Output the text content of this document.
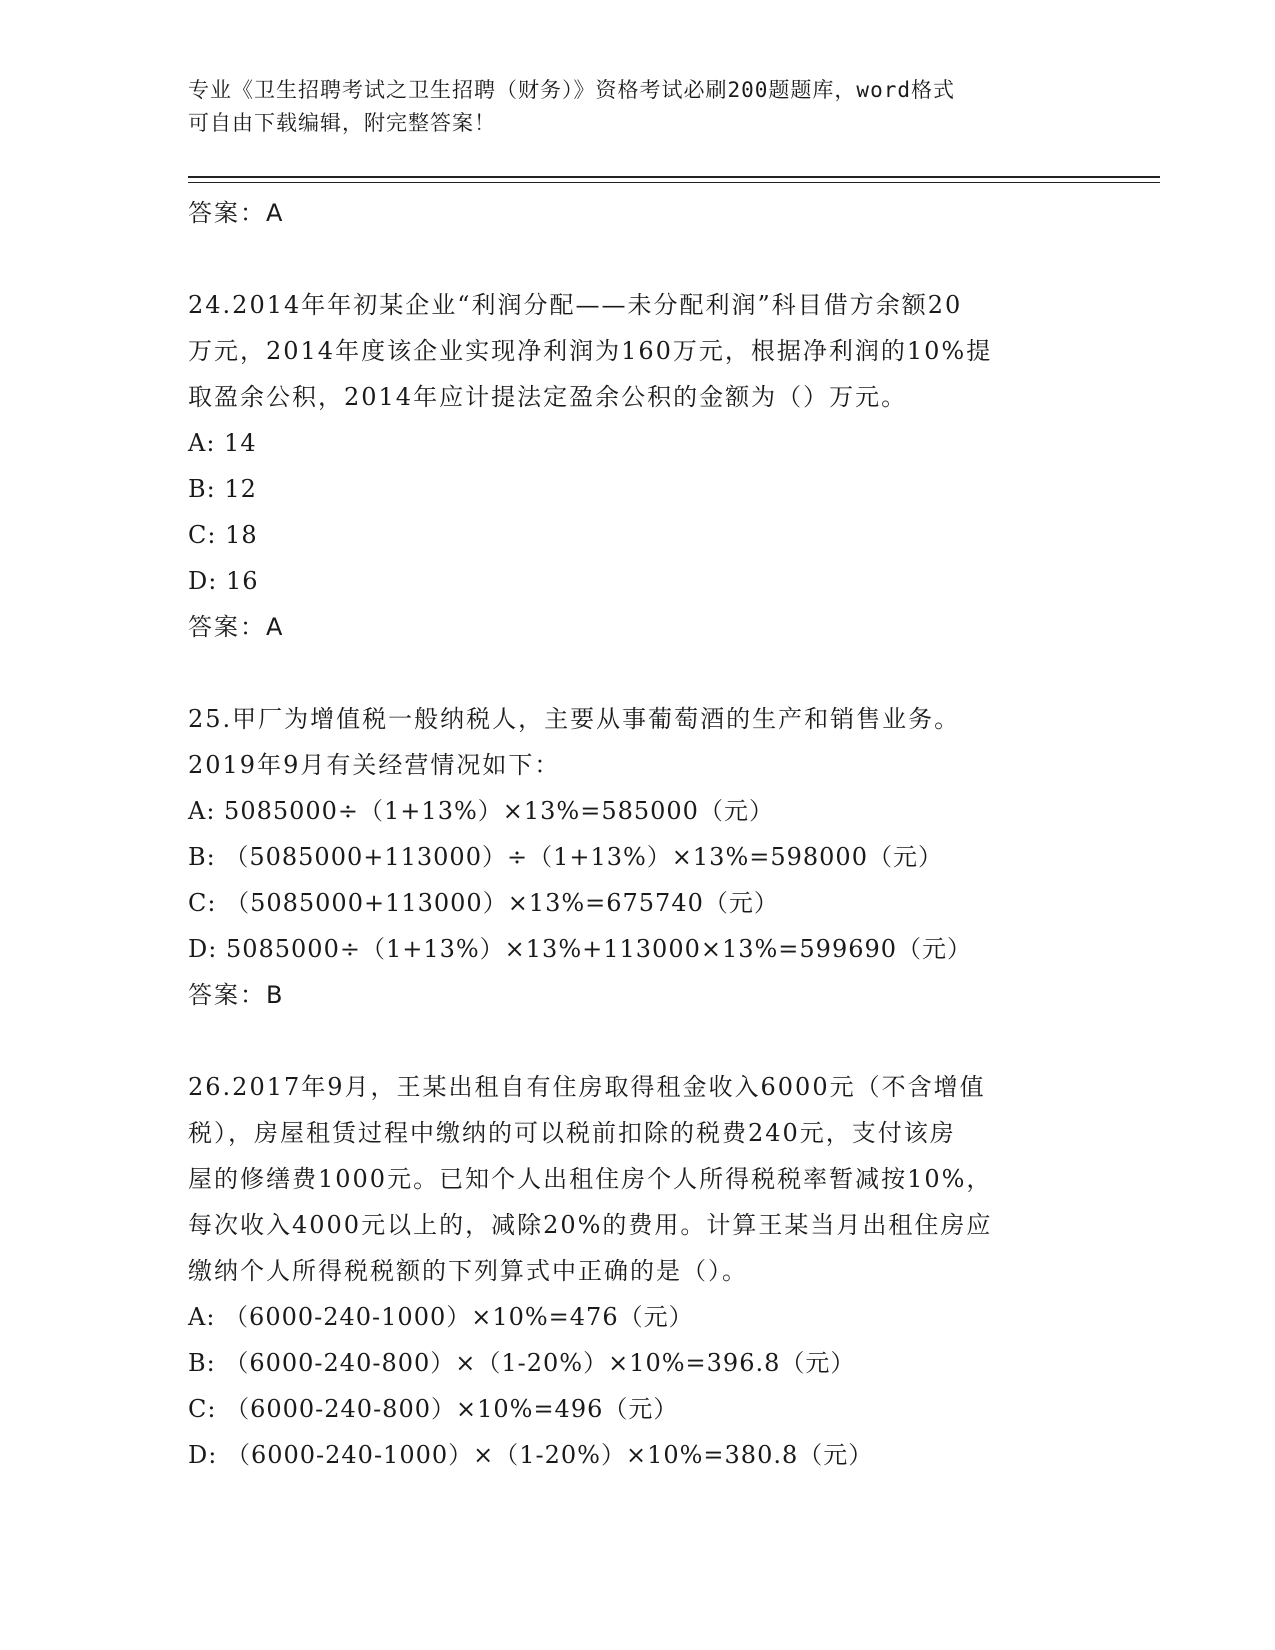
专业《卫生招聘考试之卫生招聘（财务）》资格考试必刷200题题库，word格式
可自由下载编辑，附完整答案！
答案：A
24.2014年年初某企业“利润分配——未分配利润”科目借方余额20
万元，2014年度该企业实现净利润为160万元，根据净利润的10%提
取盈余公积，2014年应计提法定盈余公积的金额为（）万元。
A: 14
B: 12
C: 18
D: 16
答案：A
25.甲厂为增值税一般纳税人，主要从事葡萄酒的生产和销售业务。
2019年9月有关经营情况如下：
A: 5085000÷（1+13%）×13%=585000（元）
B: （5085000+113000）÷（1+13%）×13%=598000（元）
C: （5085000+113000）×13%=675740（元）
D: 5085000÷（1+13%）×13%+113000×13%=599690（元）
答案：B
26.2017年9月，王某出租自有住房取得租金收入6000元（不含增值
税），房屋租赁过程中缴纳的可以税前扣除的税费240元，支付该房
屋的修缮费1000元。已知个人出租住房个人所得税税率暂减按10%，
每次收入4000元以上的，减除20%的费用。计算王某当月出租住房应
缴纳个人所得税税额的下列算式中正确的是（）。
A: （6000-240-1000）×10%=476（元）
B: （6000-240-800）×（1-20%）×10%=396.8（元）
C: （6000-240-800）×10%=496（元）
D: （6000-240-1000）×（1-20%）×10%=380.8（元）
